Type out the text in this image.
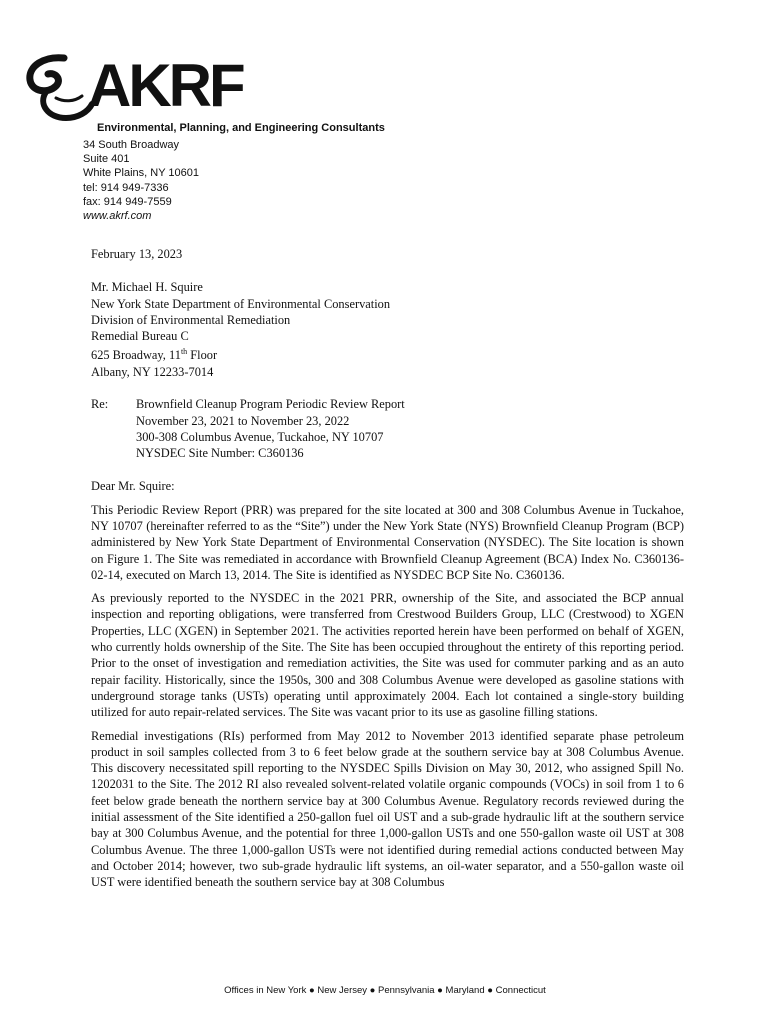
AKRF
Environmental, Planning, and Engineering Consultants
34 South Broadway
Suite 401
White Plains, NY 10601
tel: 914 949-7336
fax: 914 949-7559
www.akrf.com
February 13, 2023
Mr. Michael H. Squire
New York State Department of Environmental Conservation
Division of Environmental Remediation
Remedial Bureau C
625 Broadway, 11th Floor
Albany, NY 12233-7014
Re:	Brownfield Cleanup Program Periodic Review Report
November 23, 2021 to November 23, 2022
300-308 Columbus Avenue, Tuckahoe, NY 10707
NYSDEC Site Number: C360136
Dear Mr. Squire:

This Periodic Review Report (PRR) was prepared for the site located at 300 and 308 Columbus Avenue in Tuckahoe, NY 10707 (hereinafter referred to as the “Site”) under the New York State (NYS) Brownfield Cleanup Program (BCP) administered by New York State Department of Environmental Conservation (NYSDEC). The Site location is shown on Figure 1. The Site was remediated in accordance with Brownfield Cleanup Agreement (BCA) Index No. C360136-02-14, executed on March 13, 2014. The Site is identified as NYSDEC BCP Site No. C360136.

As previously reported to the NYSDEC in the 2021 PRR, ownership of the Site, and associated the BCP annual inspection and reporting obligations, were transferred from Crestwood Builders Group, LLC (Crestwood) to XGEN Properties, LLC (XGEN) in September 2021. The activities reported herein have been performed on behalf of XGEN, who currently holds ownership of the Site. The Site has been occupied throughout the entirety of this reporting period. Prior to the onset of investigation and remediation activities, the Site was used for commuter parking and as an auto repair facility. Historically, since the 1950s, 300 and 308 Columbus Avenue were developed as gasoline stations with underground storage tanks (USTs) operating until approximately 2004. Each lot contained a single-story building utilized for auto repair-related services. The Site was vacant prior to its use as gasoline filling stations.

Remedial investigations (RIs) performed from May 2012 to November 2013 identified separate phase petroleum product in soil samples collected from 3 to 6 feet below grade at the southern service bay at 308 Columbus Avenue. This discovery necessitated spill reporting to the NYSDEC Spills Division on May 30, 2012, who assigned Spill No. 1202031 to the Site. The 2012 RI also revealed solvent-related volatile organic compounds (VOCs) in soil from 1 to 6 feet below grade beneath the northern service bay at 300 Columbus Avenue. Regulatory records reviewed during the initial assessment of the Site identified a 250-gallon fuel oil UST and a sub-grade hydraulic lift at the southern service bay at 300 Columbus Avenue, and the potential for three 1,000-gallon USTs and one 550-gallon waste oil UST at 308 Columbus Avenue. The three 1,000-gallon USTs were not identified during remedial actions conducted between May and October 2014; however, two sub-grade hydraulic lift systems, an oil-water separator, and a 550-gallon waste oil UST were identified beneath the southern service bay at 308 Columbus

Offices in New York ● New Jersey ● Pennsylvania ● Maryland ● Connecticut
